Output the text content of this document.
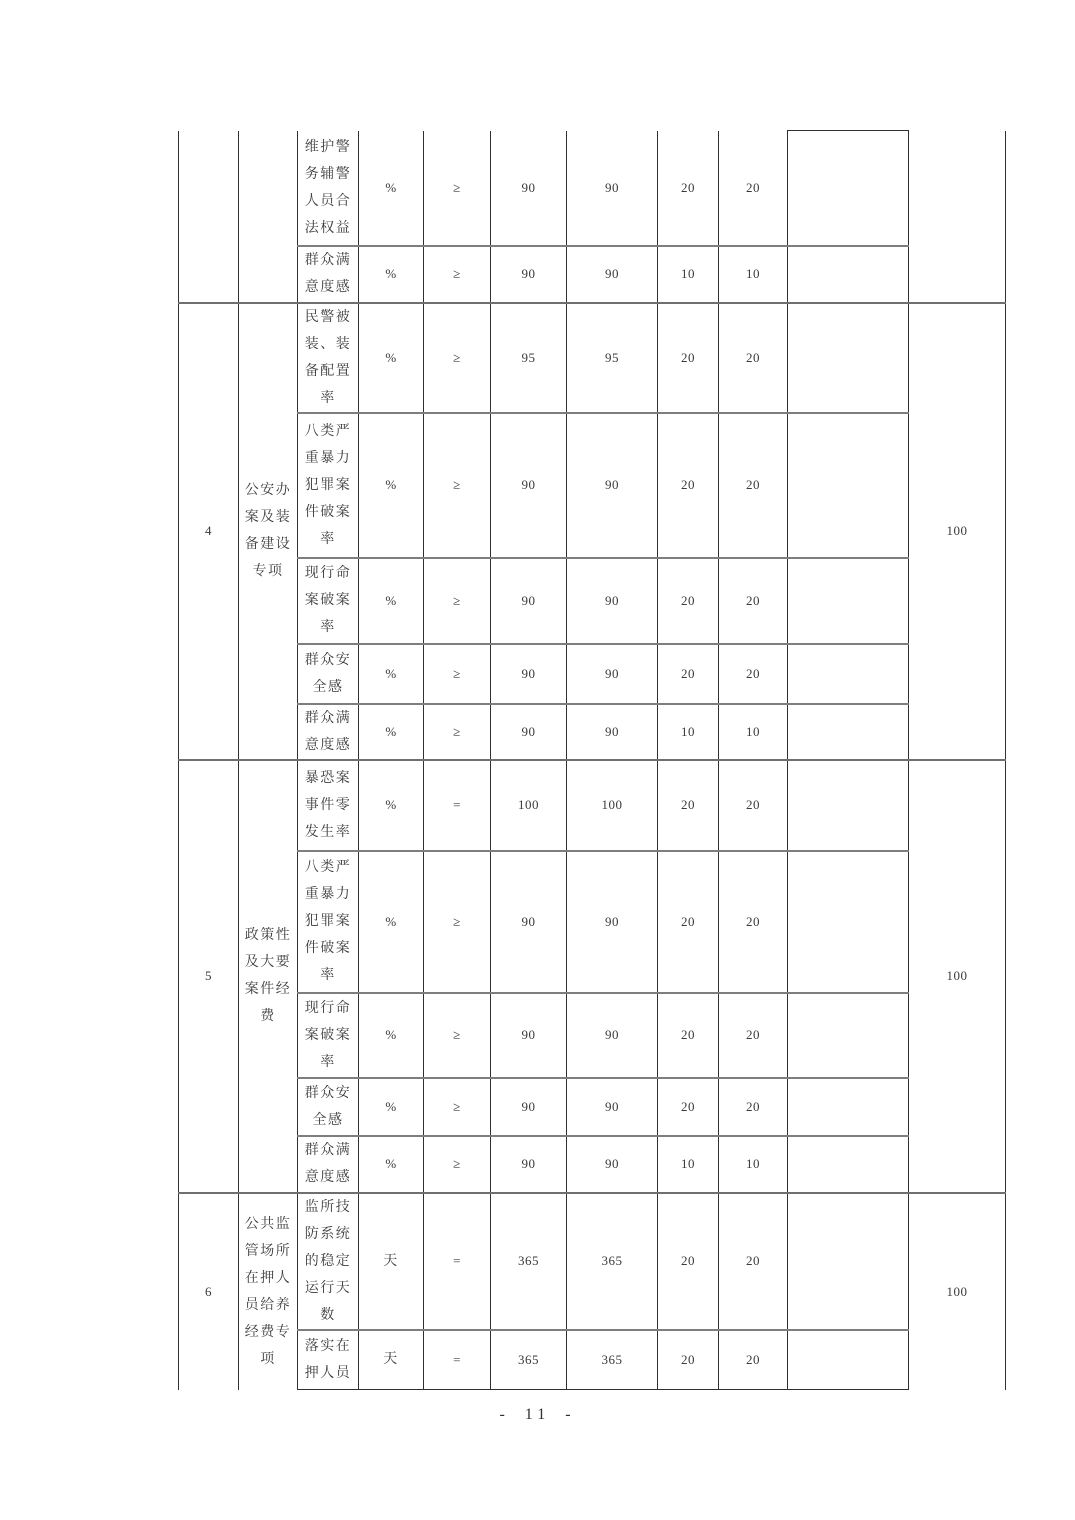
		维护警务辅警人员合法权益	%	≥	90	90	20	20		
		群众满意度感	%	≥	90	90	10	10		
4	公安办案及装备建设专项	民警被装、装备配置率	%	≥	95	95	20	20		100
		八类严重暴力犯罪案件破案率	%	≥	90	90	20	20		
		现行命案破案率	%	≥	90	90	20	20		
		群众安全感	%	≥	90	90	20	20		
		群众满意度感	%	≥	90	90	10	10		
5	政策性及大要案件经费	暴恐案事件零发生率	%	=	100	100	20	20		100
		八类严重暴力犯罪案件破案率	%	≥	90	90	20	20		
		现行命案破案率	%	≥	90	90	20	20		
		群众安全感	%	≥	90	90	20	20		
		群众满意度感	%	≥	90	90	10	10		
6	公共监管场所在押人员给养经费专项	监所技防系统的稳定运行天数	天	=	365	365	20	20		100
		落实在押人员	天	=	365	365	20	20		
- 11 -
